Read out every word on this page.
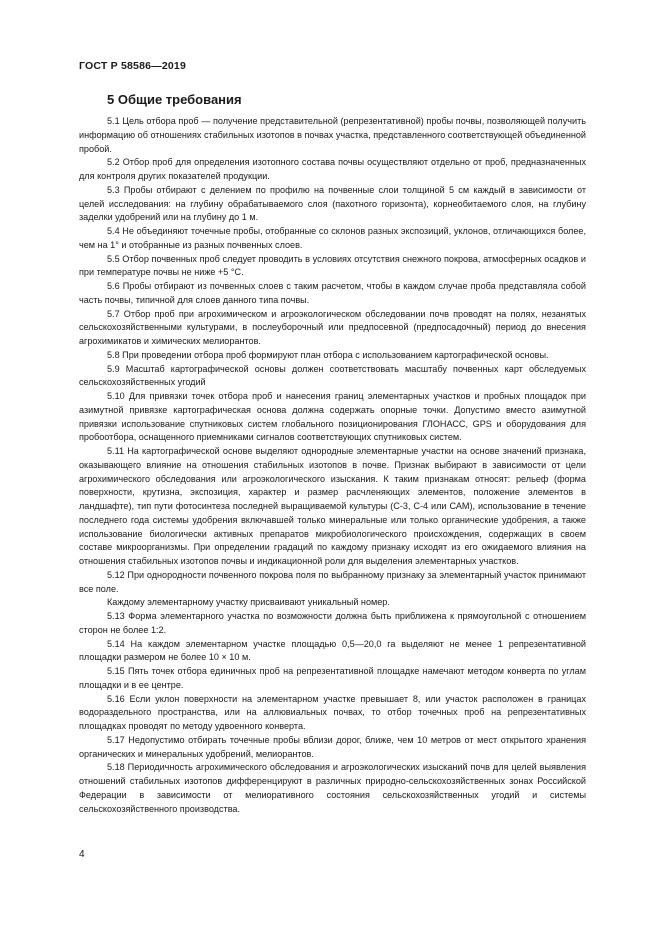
ГОСТ Р 58586—2019
5 Общие требования

5.1 Цель отбора проб — получение представительной (репрезентативной) пробы почвы, позволяющей получить информацию об отношениях стабильных изотопов в почвах участка, представленного соответствующей объединенной пробой.

5.2 Отбор проб для определения изотопного состава почвы осуществляют отдельно от проб, предназначенных для контроля других показателей продукции.

5.3 Пробы отбирают с делением по профилю на почвенные слои толщиной 5 см каждый в зависимости от целей исследования: на глубину обрабатываемого слоя (пахотного горизонта), корнеобитаемого слоя, на глубину заделки удобрений или на глубину до 1 м.

5.4 Не объединяют точечные пробы, отобранные со склонов разных экспозиций, уклонов, отличающихся более, чем на 1° и отобранные из разных почвенных слоев.

5.5 Отбор почвенных проб следует проводить в условиях отсутствия снежного покрова, атмосферных осадков и при температуре почвы не ниже +5 °С.

5.6 Пробы отбирают из почвенных слоев с таким расчетом, чтобы в каждом случае проба представляла собой часть почвы, типичной для слоев данного типа почвы.

5.7 Отбор проб при агрохимическом и агроэкологическом обследовании почв проводят на полях, незанятых сельскохозяйственными культурами, в послеуборочный или предпосевной (предпосадочный) период до внесения агрохимикатов и химических мелиорантов.

5.8 При проведении отбора проб формируют план отбора с использованием картографической основы.

5.9 Масштаб картографической основы должен соответствовать масштабу почвенных карт обследуемых сельскохозяйственных угодий

5.10 Для привязки точек отбора проб и нанесения границ элементарных участков и пробных площадок при азимутной привязке картографическая основа должна содержать опорные точки. Допустимо вместо азимутной привязки использование спутниковых систем глобального позиционирования ГЛОНАСС, GPS и оборудования для пробоотбора, оснащенного приемниками сигналов соответствующих спутниковых систем.

5.11 На картографической основе выделяют однородные элементарные участки на основе значений признака, оказывающего влияние на отношения стабильных изотопов в почве. Признак выбирают в зависимости от цели агрохимического обследования или агроэкологического изыскания. К таким признакам относят: рельеф (форма поверхности, крутизна, экспозиция, характер и размер расчленяющих элементов, положение элементов в ландшафте), тип пути фотосинтеза последней выращиваемой культуры (С-3, С-4 или САМ), использование в течение последнего года системы удобрения включавшей только минеральные или только органические удобрения, а также использование биологически активных препаратов микробиологического происхождения, содержащих в своем составе микроорганизмы. При определении градаций по каждому признаку исходят из его ожидаемого влияния на отношения стабильных изотопов почвы и индикационной роли для выделения элементарных участков.

5.12 При однородности почвенного покрова поля по выбранному признаку за элементарный участок принимают все поле.

Каждому элементарному участку присваивают уникальный номер.

5.13 Форма элементарного участка по возможности должна быть приближена к прямоугольной с отношением сторон не более 1:2.

5.14 На каждом элементарном участке площадью 0,5—20,0 га выделяют не менее 1 репрезентативной площадки размером не более 10 × 10 м.

5.15 Пять точек отбора единичных проб на репрезентативной площадке намечают методом конверта по углам площадки и в ее центре.

5.16 Если уклон поверхности на элементарном участке превышает 8, или участок расположен в границах водораздельного пространства, или на аллювиальных почвах, то отбор точечных проб на репрезентативных площадках проводят по методу удвоенного конверта.

5.17 Недопустимо отбирать точечные пробы вблизи дорог, ближе, чем 10 метров от мест открытого хранения органических и минеральных удобрений, мелиорантов.

5.18 Периодичность агрохимического обследования и агроэкологических изысканий почв для целей выявления отношений стабильных изотопов дифференцируют в различных природно-сельскохозяйственных зонах Российской Федерации в зависимости от мелиоративного состояния сельскохозяйственных угодий и системы сельскохозяйственного производства.

4
